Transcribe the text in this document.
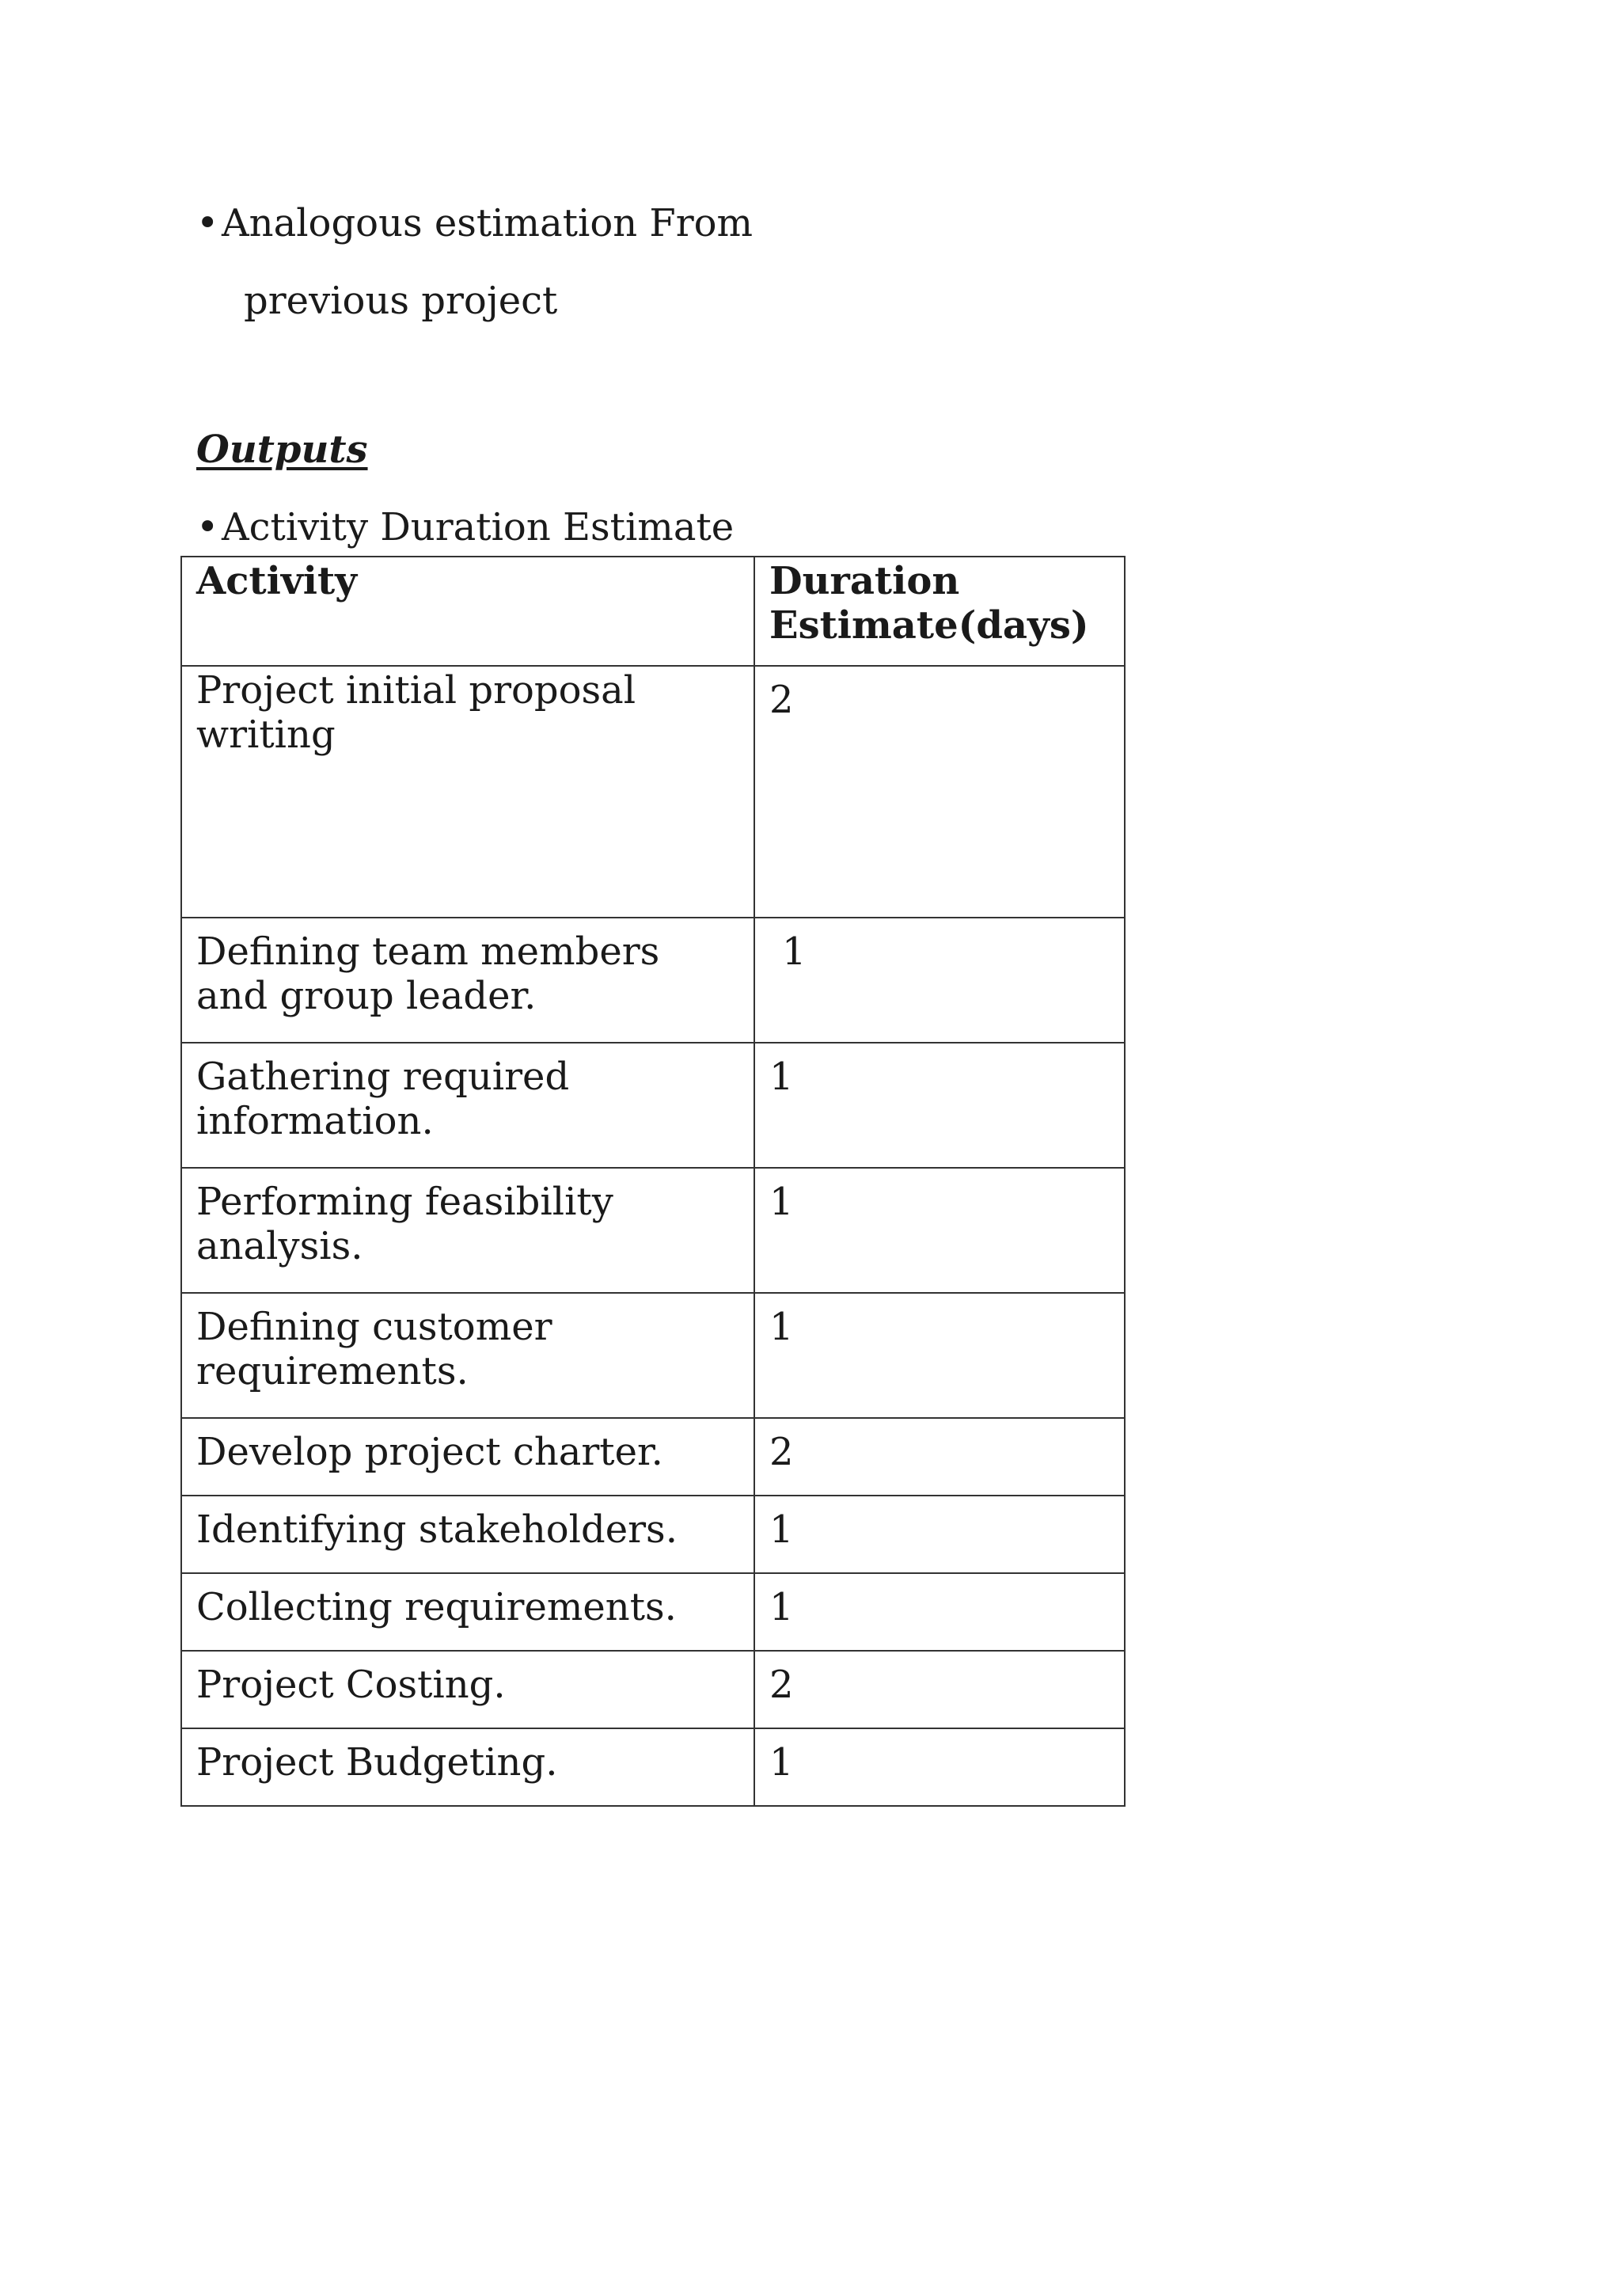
•Analogous estimation From
previous project
Outputs
•Activity Duration Estimate
Activity	Duration Estimate(days)
Project initial proposal writing	2
Defining team members and group leader.	1
Gathering required information.	1
Performing feasibility analysis.	1
Defining customer requirements.	1
Develop project charter.	2
Identifying stakeholders.	1
Collecting requirements.	1
Project Costing.	2
Project Budgeting.	1
